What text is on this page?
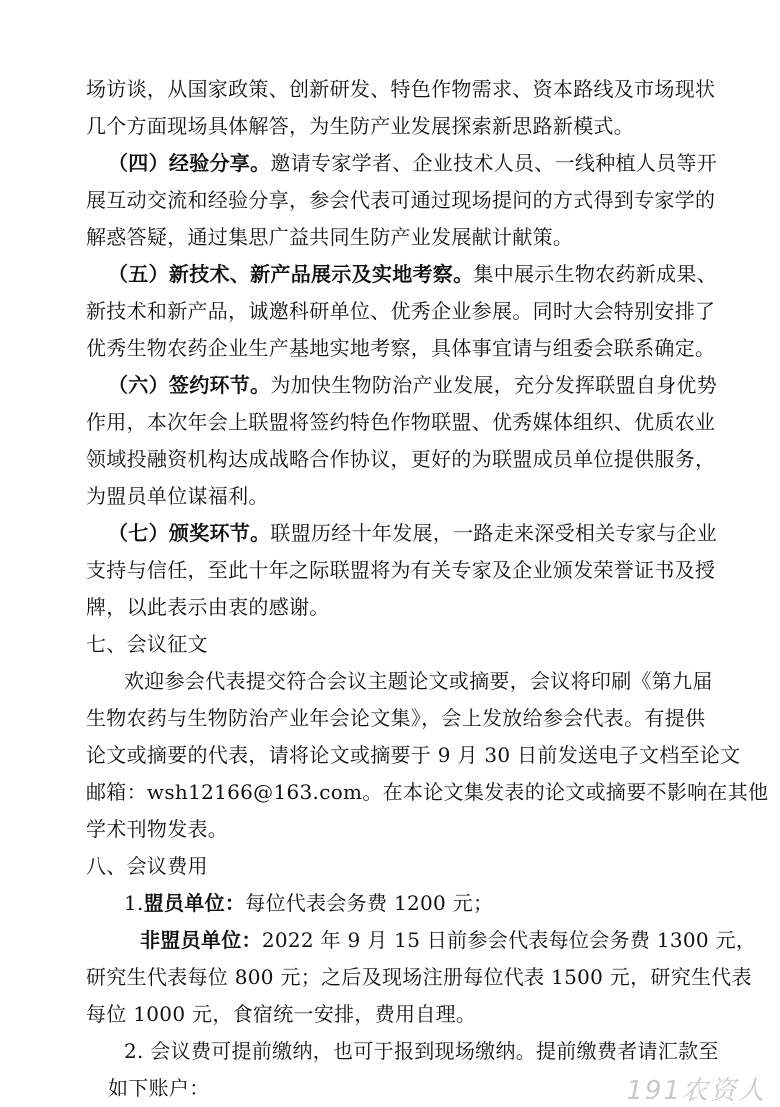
场访谈，从国家政策、创新研发、特色作物需求、资本路线及市场现状
几个方面现场具体解答，为生防产业发展探索新思路新模式。
（四）经验分享。邀请专家学者、企业技术人员、一线种植人员等开
展互动交流和经验分享，参会代表可通过现场提问的方式得到专家学的
解惑答疑，通过集思广益共同生防产业发展献计献策。
（五）新技术、新产品展示及实地考察。集中展示生物农药新成果、
新技术和新产品，诚邀科研单位、优秀企业参展。同时大会特别安排了
优秀生物农药企业生产基地实地考察，具体事宜请与组委会联系确定。
（六）签约环节。为加快生物防治产业发展，充分发挥联盟自身优势
作用，本次年会上联盟将签约特色作物联盟、优秀媒体组织、优质农业
领域投融资机构达成战略合作协议，更好的为联盟成员单位提供服务，
为盟员单位谋福利。
（七）颁奖环节。联盟历经十年发展，一路走来深受相关专家与企业
支持与信任，至此十年之际联盟将为有关专家及企业颁发荣誉证书及授
牌，以此表示由衷的感谢。
七、会议征文
欢迎参会代表提交符合会议主题论文或摘要，会议将印刷《第九届
生物农药与生物防治产业年会论文集》，会上发放给参会代表。有提供
论文或摘要的代表，请将论文或摘要于 9 月 30 日前发送电子文档至论文
邮箱：wsh12166@163.com。在本论文集发表的论文或摘要不影响在其他
学术刊物发表。
八、会议费用
1.盟员单位：每位代表会务费 1200 元；
非盟员单位：2022 年 9 月 15 日前参会代表每位会务费 1300 元，
研究生代表每位 800 元；之后及现场注册每位代表 1500 元，研究生代表
每位 1000 元，食宿统一安排，费用自理。
2. 会议费可提前缴纳，也可于报到现场缴纳。提前缴费者请汇款至
如下账户：	191农资人
